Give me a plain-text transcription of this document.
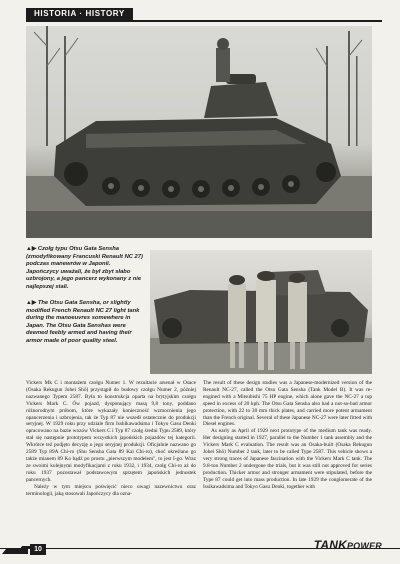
HISTORIA · HISTORY
▲▶ Czołg typu Otsu Gata Sensha (zmodyfikowany Francuski Renault NC 27) podczas manewrów w Japonii. Japończycy uważali, że był zbyt słabo uzbrojony, a jego pancerz wykonany z nie najlepszej stali.
▲▶ The Otsu Gata Sensha, or slightly modified French Renault NC 27 light tank during the manoeuvres somewhere in Japan. The Otsu Gata Senshas were deemed feebly armed and having their armor made of poor quality steel.

Vickers Mk C i montażem czołgu Numer 1. W rezultacie arsenał w Osace (Osaka Rekugun Johei Shō) przystąpił do budowy czołgu Numer 2, później nazwanego Typem 2587. Była to konstrukcja oparta na brytyjskim czołgu Vickers Mark C. Ów pojazd, dysponujący masą 9,8 tony, poddano różnorodnym próbom, które wykazały konieczność wzmocnienia jego opancerzenia i uzbrojenia, tak że Typ 87 nie wszedł ostatecznie do produkcji seryjnej. W 1929 roku przy udziale firm Isshikawadsima i Tokyo Gasu Denki opracowano na bazie wozów Vickers C i Typ 87 czołg średni Typu 2589, który stał się następnie prototypem wszystkich japońskich pojazdów tej kategorii. Wkrótce też podjęto decyzję o jego seryjnej produkcji. Oficjalnie nazwano go 2589 Typ 89A Chi-ro (Shu Sensha Gata 89 Kai Chi-ro), choć określano go także mianem 89 Ko bądź po prostu „pierwszym modelem", to jest I-go. Wraz ze swoimi kolejnymi modyfikacjami z roku 1932, i 1934, czołg Chi-ro aż do roku 1937 pozostawał podstawowym sprzętem japońskich jednostek pancernych.

Należy w tym miejscu poświęcić nieco uwagi nazewnictwu oraz terminologii, jaką stosowali Japończycy dla ozna-

The result of these design studies was a Japanese-modernized version of the Renault NC-27, called the Otsu Gata Sensha (Tank Model B). It was re-engined with a Mitsubishi 75 HP engine, which alone gave the NC-27 a top speed in excess of 20 kph. The Otsu Gata Sensha also had a not-so-bad armor protection, with 22 to 30 mm thick plates, and carried more potent armament than the French original. Several of these Japanese NC-27 were later fitted with Diesel engines.

As early as April of 1929 next prototype of the medium tank was ready. Her designing started in 1927, parallel to the Number 1 tank assembly and the Vickers Mark C evaluation. The result was an Osaka-built (Osaka Rekugun Johei Shō) Number 2 tank, later to be called Type 2587. This vehicle shows a very strong traces of Japanese fascination with the Vickers Mark C tank. The 9.8-ton Number 2 undergone the trials, but it was still not approved for series production. Thicker armor and stronger armament were stipulated, before the Type 87 could get into mass production. In late 1929 the conglomerate of the Issikawadsima and Tokyo Gasu Denki, together with

10	TANKPOWER
